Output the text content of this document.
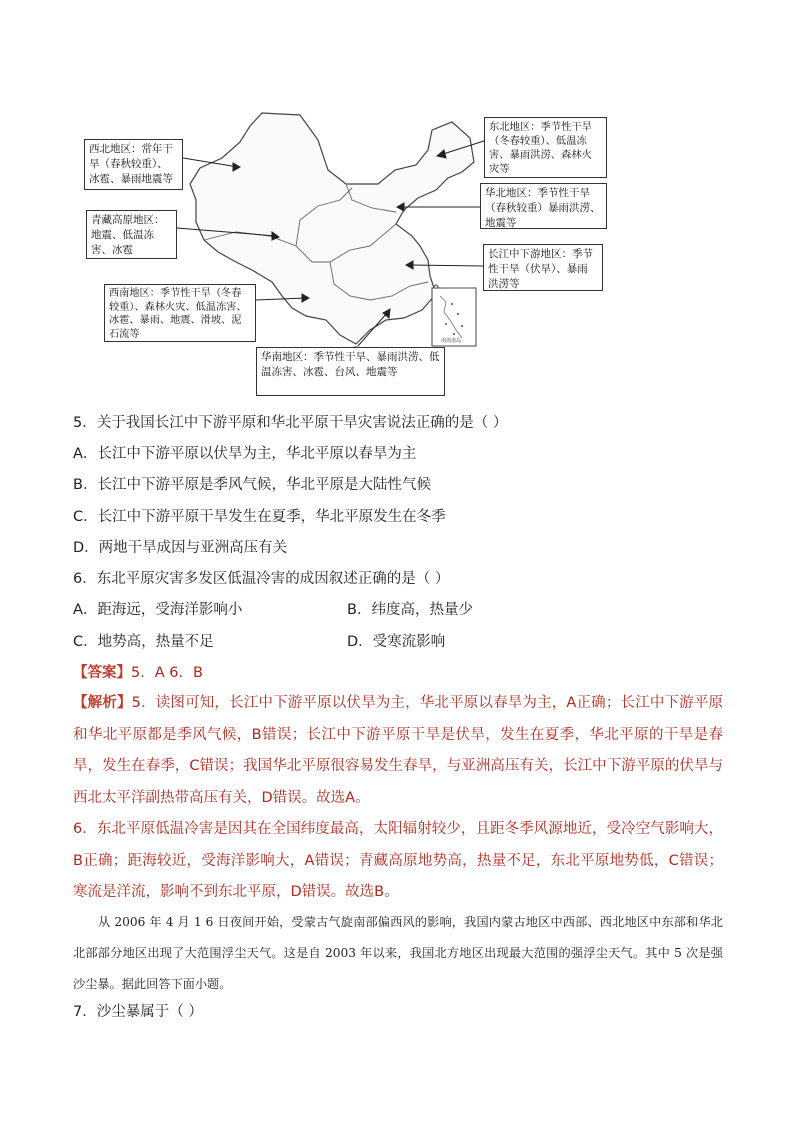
南海诸岛
西北地区：常年干旱（春秋较重）、冰雹、暴雨地震等
青藏高原地区：地震、低温冻害、冰雹
西南地区：季节性干旱（冬春较重）、森林火灾、低温冻害、冰雹、暴雨、地震、滑坡、泥石流等
东北地区：季节性干旱（冬春较重）、低温冻害、暴雨洪涝、森林火灾等
华北地区：季节性干旱（春秋较重）暴雨洪涝、地震等
长江中下游地区：季节性干旱（伏旱）、暴雨洪涝等
华南地区：季节性干旱、暴雨洪涝、低温冻害、冰雹、台风、地震等
5．关于我国长江中下游平原和华北平原干旱灾害说法正确的是（ ）
A．长江中下游平原以伏旱为主，华北平原以春旱为主
B．长江中下游平原是季风气候，华北平原是大陆性气候
C．长江中下游平原干旱发生在夏季，华北平原发生在冬季
D．两地干旱成因与亚洲高压有关
6．东北平原灾害多发区低温冷害的成因叙述正确的是（ ）
A．距海远，受海洋影响小	B．纬度高，热量少
C．地势高，热量不足	D．受寒流影响
【答案】5．A 6．B
【解析】5．读图可知，长江中下游平原以伏旱为主，华北平原以春旱为主，A正确；长江中下游平原和华北平原都是季风气候，B错误；长江中下游平原干旱是伏旱，发生在夏季，华北平原的干旱是春旱，发生在春季，C错误；我国华北平原很容易发生春旱，与亚洲高压有关，长江中下游平原的伏旱与西北太平洋副热带高压有关，D错误。故选A。
6．东北平原低温冷害是因其在全国纬度最高，太阳辐射较少，且距冬季风源地近，受冷空气影响大，B正确；距海较近，受海洋影响大，A错误；青藏高原地势高，热量不足，东北平原地势低，C错误；寒流是洋流，影响不到东北平原，D错误。故选B。
从 2006 年 4 月 1 6 日夜间开始，受蒙古气旋南部偏西风的影响，我国内蒙古地区中西部、西北地区中东部和华北北部部分地区出现了大范围浮尘天气。这是自 2003 年以来，我国北方地区出现最大范围的强浮尘天气。其中 5 次是强沙尘暴。据此回答下面小题。
7．沙尘暴属于（ ）
